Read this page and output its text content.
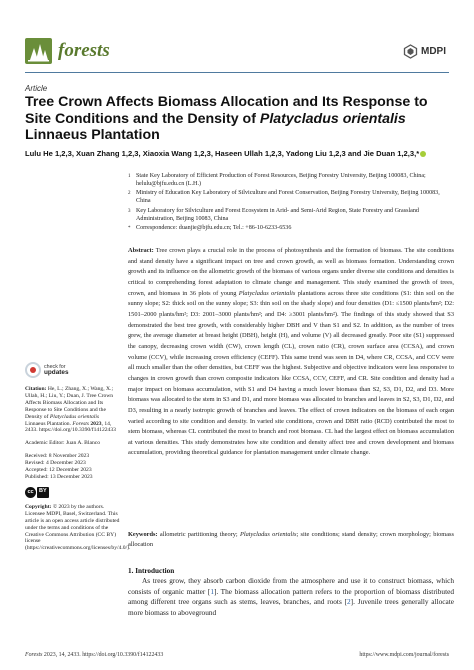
forests	MDPI
Article
Tree Crown Affects Biomass Allocation and Its Response to Site Conditions and the Density of Platycladus orientalis Linnaeus Plantation
Lulu He 1,2,3, Xuan Zhang 1,2,3, Xiaoxia Wang 1,2,3, Haseen Ullah 1,2,3, Yadong Liu 1,2,3 and Jie Duan 1,2,3,*
1 State Key Laboratory of Efficient Production of Forest Resources, Beijing Forestry University, Beijing 100083, China; helulu@bjfu.edu.cn (L.H.)
2 Ministry of Education Key Laboratory of Silviculture and Forest Conservation, Beijing Forestry University, Beijing 100083, China
3 Key Laboratory for Silviculture and Forest Ecosystem in Arid- and Semi-Arid Region, State Forestry and Grassland Administration, Beijing 10083, China
* Correspondence: duanjie@bjfu.edu.cn; Tel.: +86-10-6233-6536
Abstract: Tree crown plays a crucial role in the process of photosynthesis and the formation of biomass. The site conditions and stand density have a significant impact on tree and crown growth, as well as biomass formation. Understanding crown growth and its influence on the allometric growth of the biomass of various organs under diverse site conditions and densities is critical to comprehending forest adaptation to climate change and management. This study examined the growth of trees, crown, and biomass in 36 plots of young Platycladus orientalis plantations across three site conditions (S1: thin soil on the sunny slope; S2: thick soil on the sunny slope; S3: thin soil on the shady slope) and four densities (D1: ≤1500 plants/hm²; D2: 1501–2000 plants/hm²; D3: 2001–3000 plants/hm²; and D4: ≥3001 plants/hm²). The findings of this study showed that S3 demonstrated the best tree growth, with considerably higher DBH and V than S1 and S2. In addition, as the number of trees grew, the average diameter at breast height (DBH), height (H), and volume (V) all decreased greatly. Poor site (S1) suppressed the canopy, decreasing crown width (CW), crown length (CL), crown ratio (CR), crown surface area (CCSA), and crown volume (CCV), while increasing crown efficiency (CEFF). This same trend was seen in D4, where CR, CCSA, and CCV were all much smaller than the other densities, but CEFF was the highest. Subjective and objective indicators were less responsive to changes in crown growth than crown composite indicators like CCSA, CCV, CEFF, and CR. Site condition and density had a major impact on biomass accumulation, with S1 and D4 having a much lower biomass than S2, S3, D1, D2, and D3. More biomass was allocated to the stem in S3 and D1, and more biomass was allocated to branches and leaves in S2, S3, D1, D2, and D3, resulting in a nearly isotropic growth of branches and leaves. The effect of crown indicators on the biomass of each organ varied according to site condition and density. In varied site conditions, crown and DBH ratio (RCD) contributed the most to stem biomass, whereas CL contributed the most to branch and root biomass. CL had the largest effect on biomass accumulation at various densities. This study demonstrates how site condition and density affect tree and crown development and biomass accumulation, providing theoretical guidance for plantation management under climate change.
Keywords: allometric partitioning theory; Platycladus orientalis; site conditions; stand density; crown morphology; biomass allocation
check for
updates
Citation: He, L.; Zhang, X.; Wang, X.; Ullah, H.; Liu, Y.; Duan, J. Tree Crown Affects Biomass Allocation and Its Response to Site Conditions and the Density of Platycladus orientalis Linnaeus Plantation. Forests 2023, 14, 2433. https://doi.org/10.3390/f14122433
Academic Editor: Juan A. Blanco
Received: 8 November 2023
Revised: 4 December 2023
Accepted: 12 December 2023
Published: 13 December 2023
cc BY
Copyright: © 2023 by the authors. Licensee MDPI, Basel, Switzerland. This article is an open access article distributed under the terms and conditions of the Creative Commons Attribution (CC BY) license (https://creativecommons.org/licenses/by/4.0/).
1. Introduction
As trees grow, they absorb carbon dioxide from the atmosphere and use it to construct biomass, which consists of organic matter [1]. The biomass allocation pattern refers to the proportion of biomass distributed among different tree organs such as stems, leaves, branches, and roots [2]. Juvenile trees generally allocate more biomass to aboveground
Forests 2023, 14, 2433. https://doi.org/10.3390/f14122433	https://www.mdpi.com/journal/forests
